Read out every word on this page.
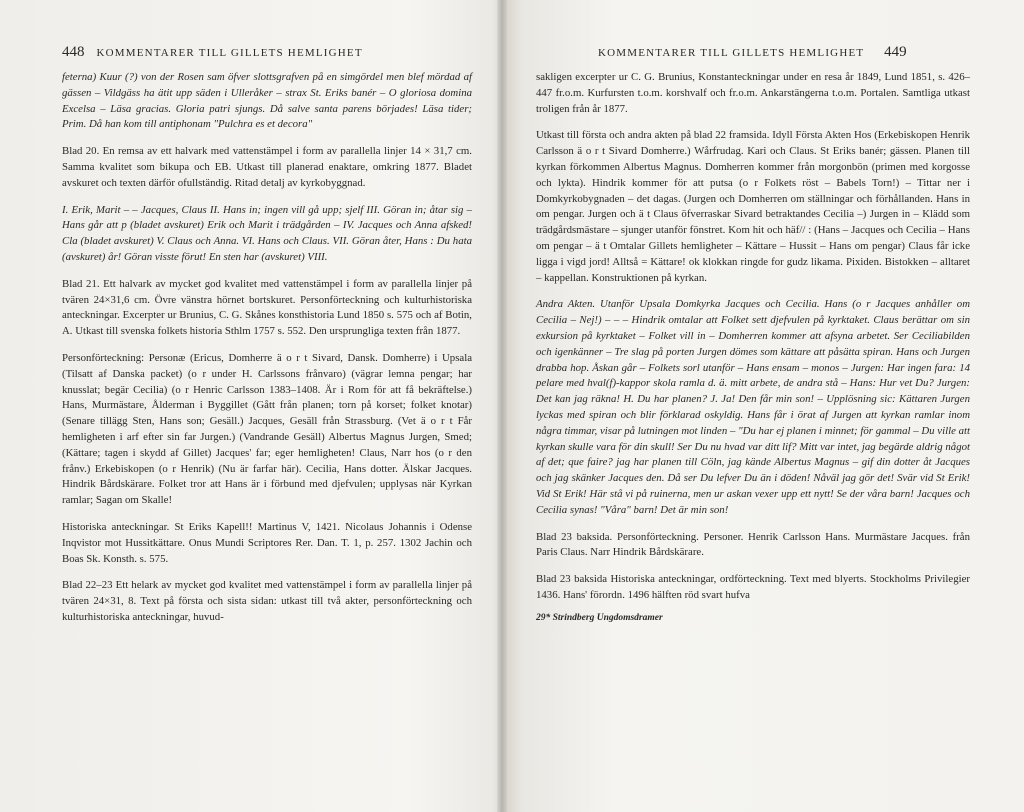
448 KOMMENTARER TILL GILLETS HEMLIGHET

feterna) Kuur (?) von der Rosen sam öfver slottsgrafven på en simgördel men blef mördad af gässen – Vildgäss ha ätit upp säden i Ulleråker – strax St. Eriks banér – O gloriosa domina Excelsa – Läsa gracias. Gloria patri sjungs. Då salve santa parens börjades! Läsa tider; Prim. Då han kom till antiphonam "Pulchra es et decora"

Blad 20. En remsa av ett halvark med vattenstämpel i form av parallella linjer 14 × 31,7 cm. Samma kvalitet som bikupa och EB. Utkast till planerad enaktare, omkring 1877. Bladet avskuret och texten därför ofullständig. Ritad detalj av kyrkobyggnad.

I. Erik, Marit – – Jacques, Claus II. Hans in; ingen vill gå upp; sjelf III. Göran in; åtar sig – Hans går att p (bladet avskuret) Erik och Marit i trädgården – IV. Jacques och Anna afsked! Cla (bladet avskuret) V. Claus och Anna. VI. Hans och Claus. VII. Göran åter, Hans : Du hata (avskuret) år! Göran visste förut! En sten har (avskuret) VIII.

Blad 21. Ett halvark av mycket god kvalitet med vattenstämpel i form av parallella linjer på tvären 24×31,6 cm. Övre vänstra hörnet bortskuret. Personförteckning och kulturhistoriska anteckningar. Excerpter ur Brunius, C. G. Skånes konsthistoria Lund 1850 s. 575 och af Botin, A. Utkast till svenska folkets historia Sthlm 1757 s. 552. Den ursprungliga texten från 1877.

Personförteckning: Personæ (Ericus, Domherre ä o r t Sivard, Dansk. Domherre) i Upsala (Tilsatt af Danska packet) (o r under H. Carlssons frånvaro) (vägrar lemna pengar; har knusslat; begär Cecilia) (o r Henric Carlsson 1383–1408. Är i Rom för att få bekräftelse.) Hans, Murmästare, Ålderman i Byggillet (Gått från planen; torn på korset; folket knotar) (Senare tillägg Sten, Hans son; Gesäll.) Jacques, Gesäll från Strassburg. (Vet ä o r t Får hemligheten i arf efter sin far Jurgen.) (Vandrande Gesäll) Albertus Magnus Jurgen, Smed; (Kättare; tagen i skydd af Gillet) Jacques' far; eger hemligheten! Claus, Narr hos (o r den frånv.) Erkebiskopen (o r Henrik) (Nu är farfar här). Cecilia, Hans dotter. Älskar Jacques. Hindrik Bårdskärare. Folket tror att Hans är i förbund med djefvulen; upplysas när Kyrkan ramlar; Sagan om Skalle!

Historiska anteckningar. St Eriks Kapell!! Martinus V, 1421. Nicolaus Johannis i Odense Inqvistor mot Hussitkättare. Onus Mundi Scriptores Rer. Dan. T. 1, p. 257. 1302 Jachin och Boas Sk. Konsth. s. 575.

Blad 22–23 Ett helark av mycket god kvalitet med vattenstämpel i form av parallella linjer på tvären 24×31, 8. Text på första och sista sidan: utkast till två akter, personförteckning och kulturhistoriska anteckningar, huvud-

KOMMENTARER TILL GILLETS HEMLIGHET 449

sakligen excerpter ur C. G. Brunius, Konstanteckningar under en resa år 1849, Lund 1851, s. 426–447 fr.o.m. Kurfursten t.o.m. korshvalf och fr.o.m. Ankarstängerna t.o.m. Portalen. Samtliga utkast troligen från år 1877.

Utkast till första och andra akten på blad 22 framsida. Idyll Första Akten Hos (Erkebiskopen Henrik Carlsson ä o r t Sivard Domherre.) Wårfrudag. Kari och Claus. St Eriks banér; gässen. Planen till kyrkan förkommen Albertus Magnus. Domherren kommer från morgonbön (primen med korgosse och lykta). Hindrik kommer för att putsa (o r Folkets röst – Babels Torn!) – Tittar ner i Domkyrkobygnaden – det dagas. (Jurgen och Domherren om ställningar och förhållanden. Hans in om pengar. Jurgen och ä t Claus öfverraskar Sivard betraktandes Cecilia –) Jurgen in – Klädd som trädgårdsmästare – sjunger utanför fönstret. Kom hit och häf// : (Hans – Jacques och Cecilia – Hans om pengar – ä t Omtalar Gillets hemligheter – Kättare – Hussit – Hans om pengar) Claus får icke ligga i vigd jord! Alltså = Kättare! ok klokkan ringde for gudz likama. Pixiden. Bistokken – alltaret – kappellan. Konstruktionen på kyrkan.

Andra Akten. Utanför Upsala Domkyrka Jacques och Cecilia. Hans (o r Jacques anhåller om Cecilia – Nej!) – – – Hindrik omtalar att Folket sett djefvulen på kyrktaket. Claus berättar om sin exkursion på kyrktaket – Folket vill in – Domherren kommer att afsyna arbetet. Ser Ceciliabilden och igenkänner – Tre slag på porten Jurgen dömes som kättare att påsätta spiran. Hans och Jurgen drabba hop. Åskan går – Folkets sorl utanför – Hans ensam – monos – Jurgen: Har ingen fara: 14 pelare med hval(f)-kappor skola ramla d. ä. mitt arbete, de andra stå – Hans: Hur vet Du? Jurgen: Det kan jag räkna! H. Du har planen? J. Ja! Den får min son! – Upplösning sic: Kättaren Jurgen lyckas med spiran och blir förklarad oskyldig. Hans får i örat af Jurgen att kyrkan ramlar inom några timmar, visar på lutningen mot linden – "Du har ej planen i minnet; för gammal – Du ville att kyrkan skulle vara för din skull! Ser Du nu hvad var ditt lif? Mitt var intet, jag begärde aldrig något af det; que faire? jag har planen till Cöln, jag kände Albertus Magnus – gif din dotter åt Jacques och jag skänker Jacques den. Då ser Du lefver Du än i döden! Nåväl jag gör det! Svär vid St Erik! Vid St Erik! Här stå vi på ruinerna, men ur askan vexer upp ett nytt! Se der våra barn! Jacques och Cecilia synas! "Våra" barn! Det är min son!

Blad 23 baksida. Personförteckning. Personer. Henrik Carlsson Hans. Murmästare Jacques. från Paris Claus. Narr Hindrik Bårdskärare.

Blad 23 baksida Historiska anteckningar, ordförteckning. Text med blyerts. Stockholms Privilegier 1436. Hans' förordn. 1496 hälften röd svart hufva

29* Strindberg Ungdomsdramer
